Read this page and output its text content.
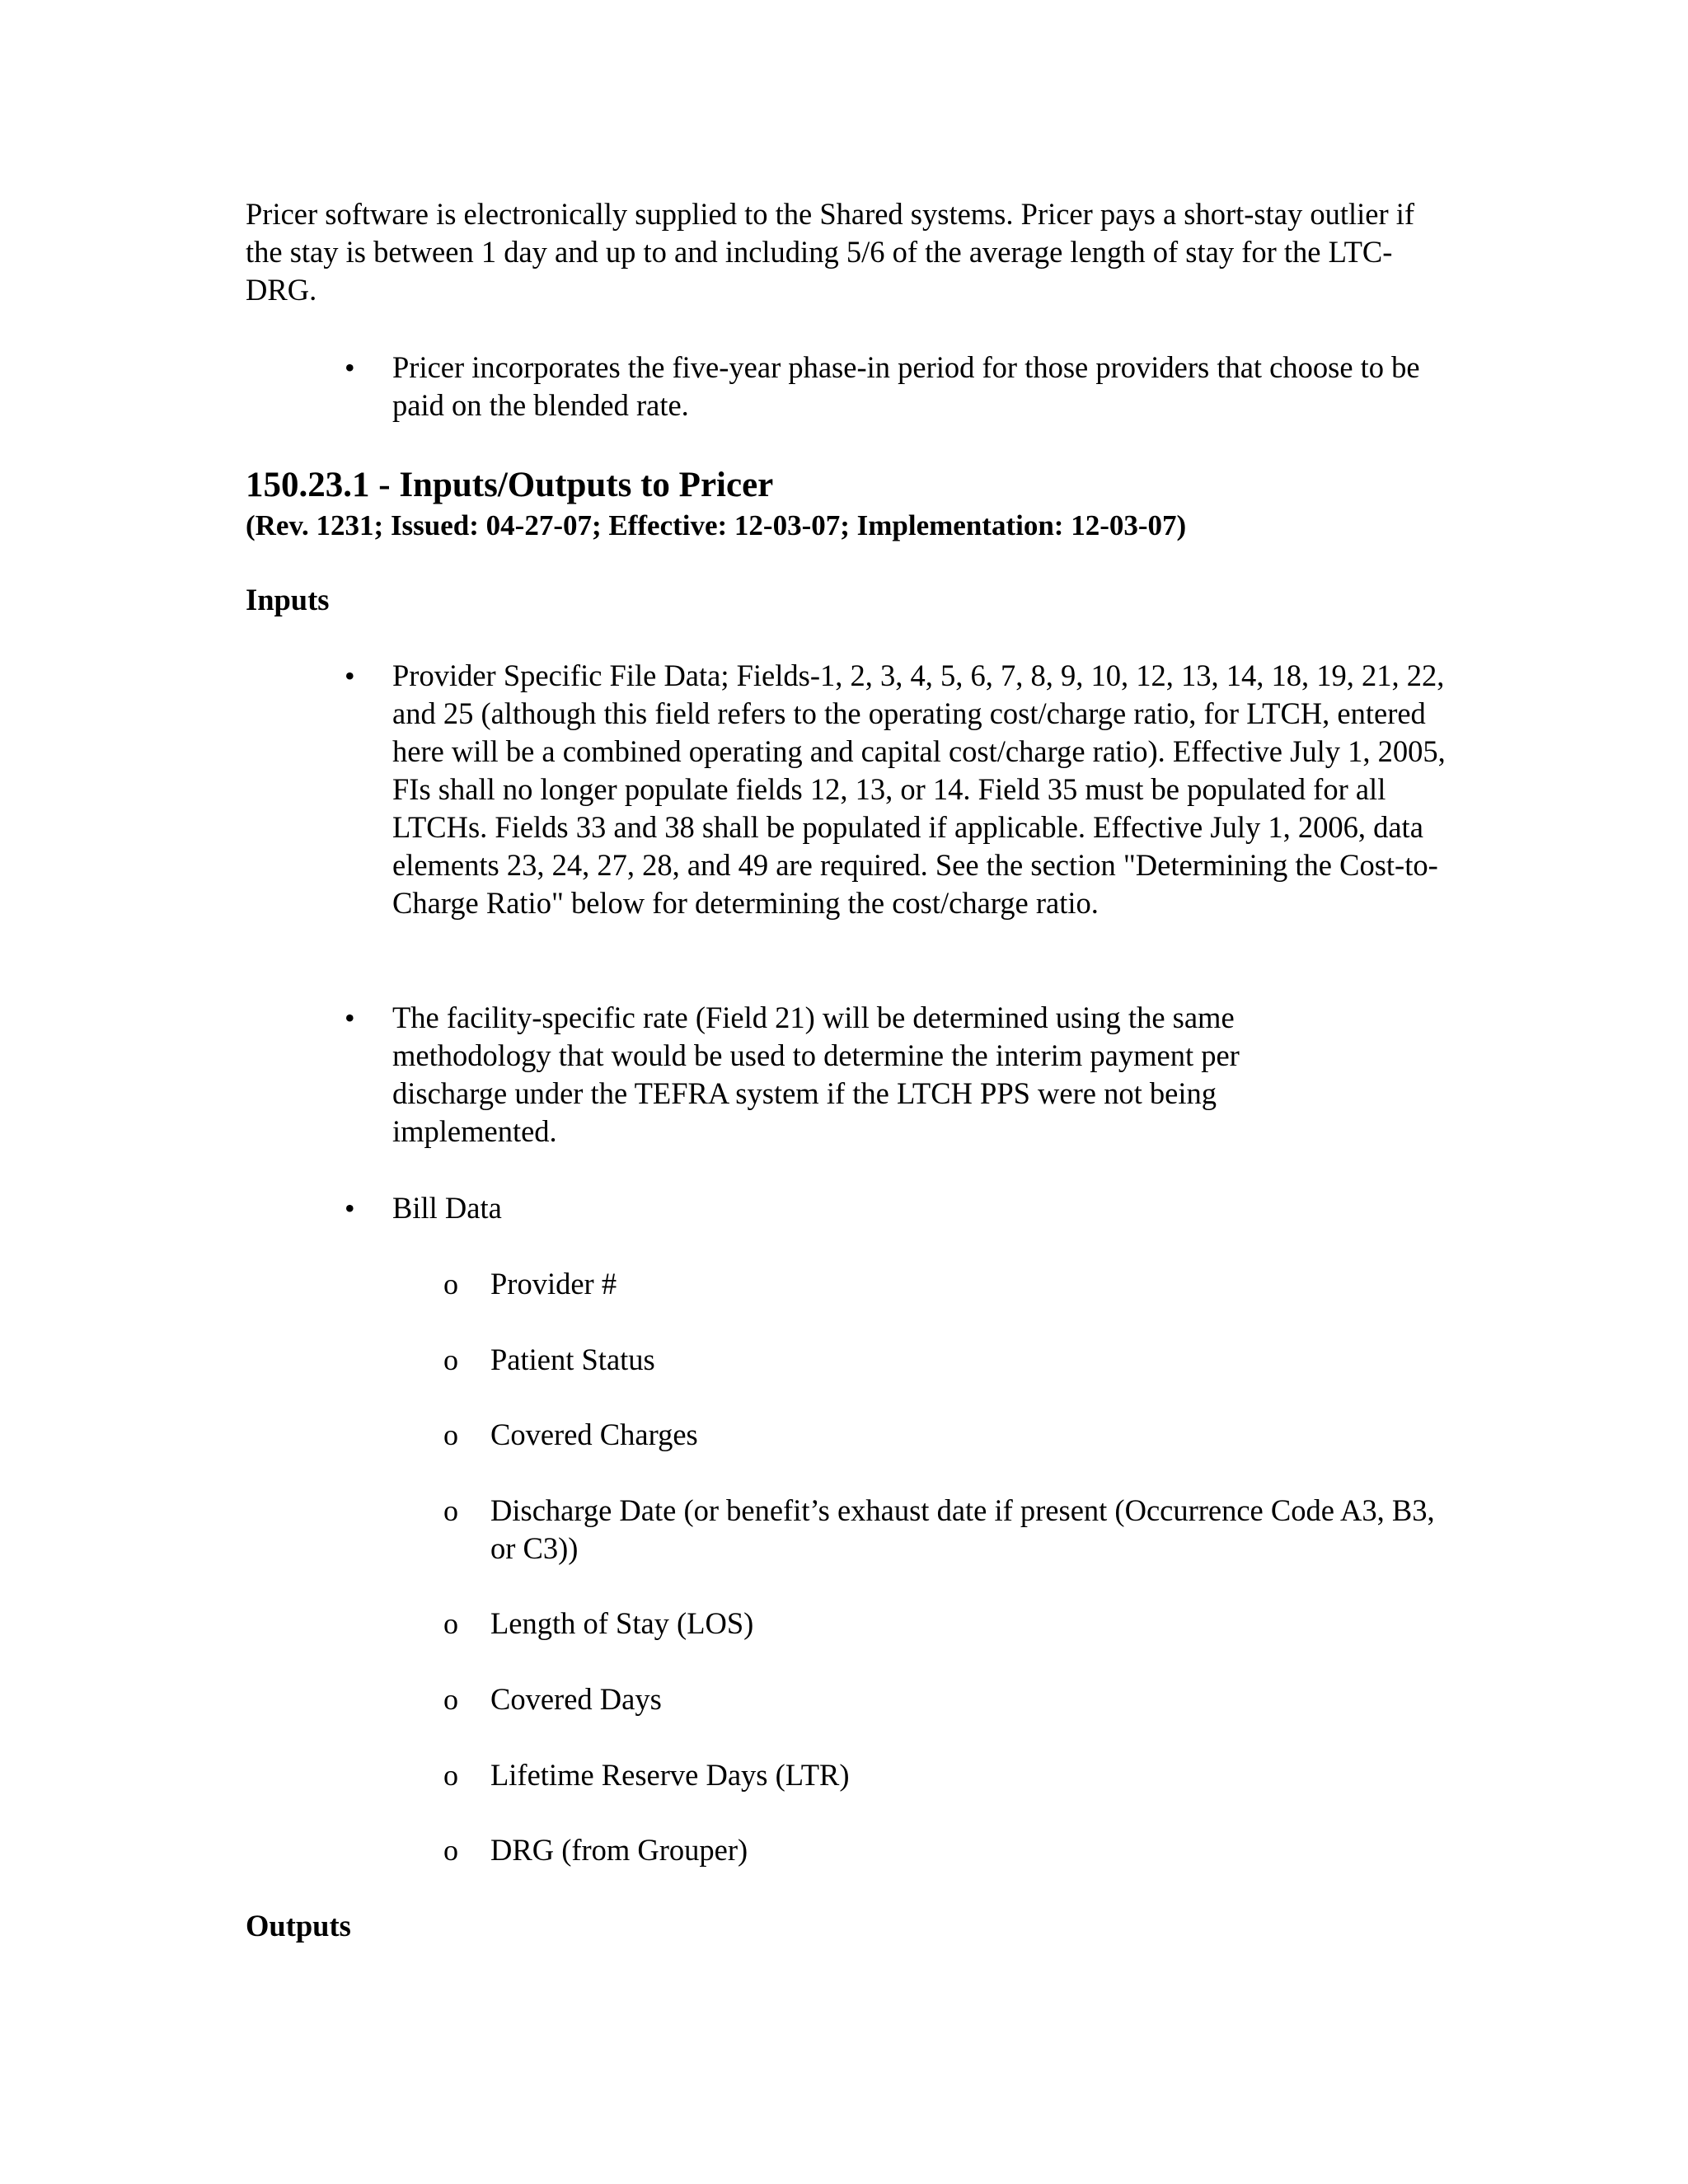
Pricer software is electronically supplied to the Shared systems. Pricer pays a short-stay outlier if the stay is between 1 day and up to and including 5/6 of the average length of stay for the LTC-DRG.

• Pricer incorporates the five-year phase-in period for those providers that choose to be paid on the blended rate.

150.23.1 - Inputs/Outputs to Pricer
(Rev. 1231; Issued: 04-27-07; Effective: 12-03-07; Implementation: 12-03-07)
Inputs
• Provider Specific File Data; Fields-1, 2, 3, 4, 5, 6, 7, 8, 9, 10, 12, 13, 14, 18, 19, 21, 22, and 25 (although this field refers to the operating cost/charge ratio, for LTCH, entered here will be a combined operating and capital cost/charge ratio). Effective July 1, 2005, FIs shall no longer populate fields 12, 13, or 14. Field 35 must be populated for all LTCHs. Fields 33 and 38 shall be populated if applicable. Effective July 1, 2006, data elements 23, 24, 27, 28, and 49 are required. See the section "Determining the Cost-to-Charge Ratio" below for determining the cost/charge ratio.

• The facility-specific rate (Field 21) will be determined using the same methodology that would be used to determine the interim payment per discharge under the TEFRA system if the LTCH PPS were not being implemented.

• Bill Data

o Provider #

o Patient Status

o Covered Charges

o Discharge Date (or benefit’s exhaust date if present (Occurrence Code A3, B3, or C3))

o Length of Stay (LOS)

o Covered Days

o Lifetime Reserve Days (LTR)

o DRG (from Grouper)

Outputs
